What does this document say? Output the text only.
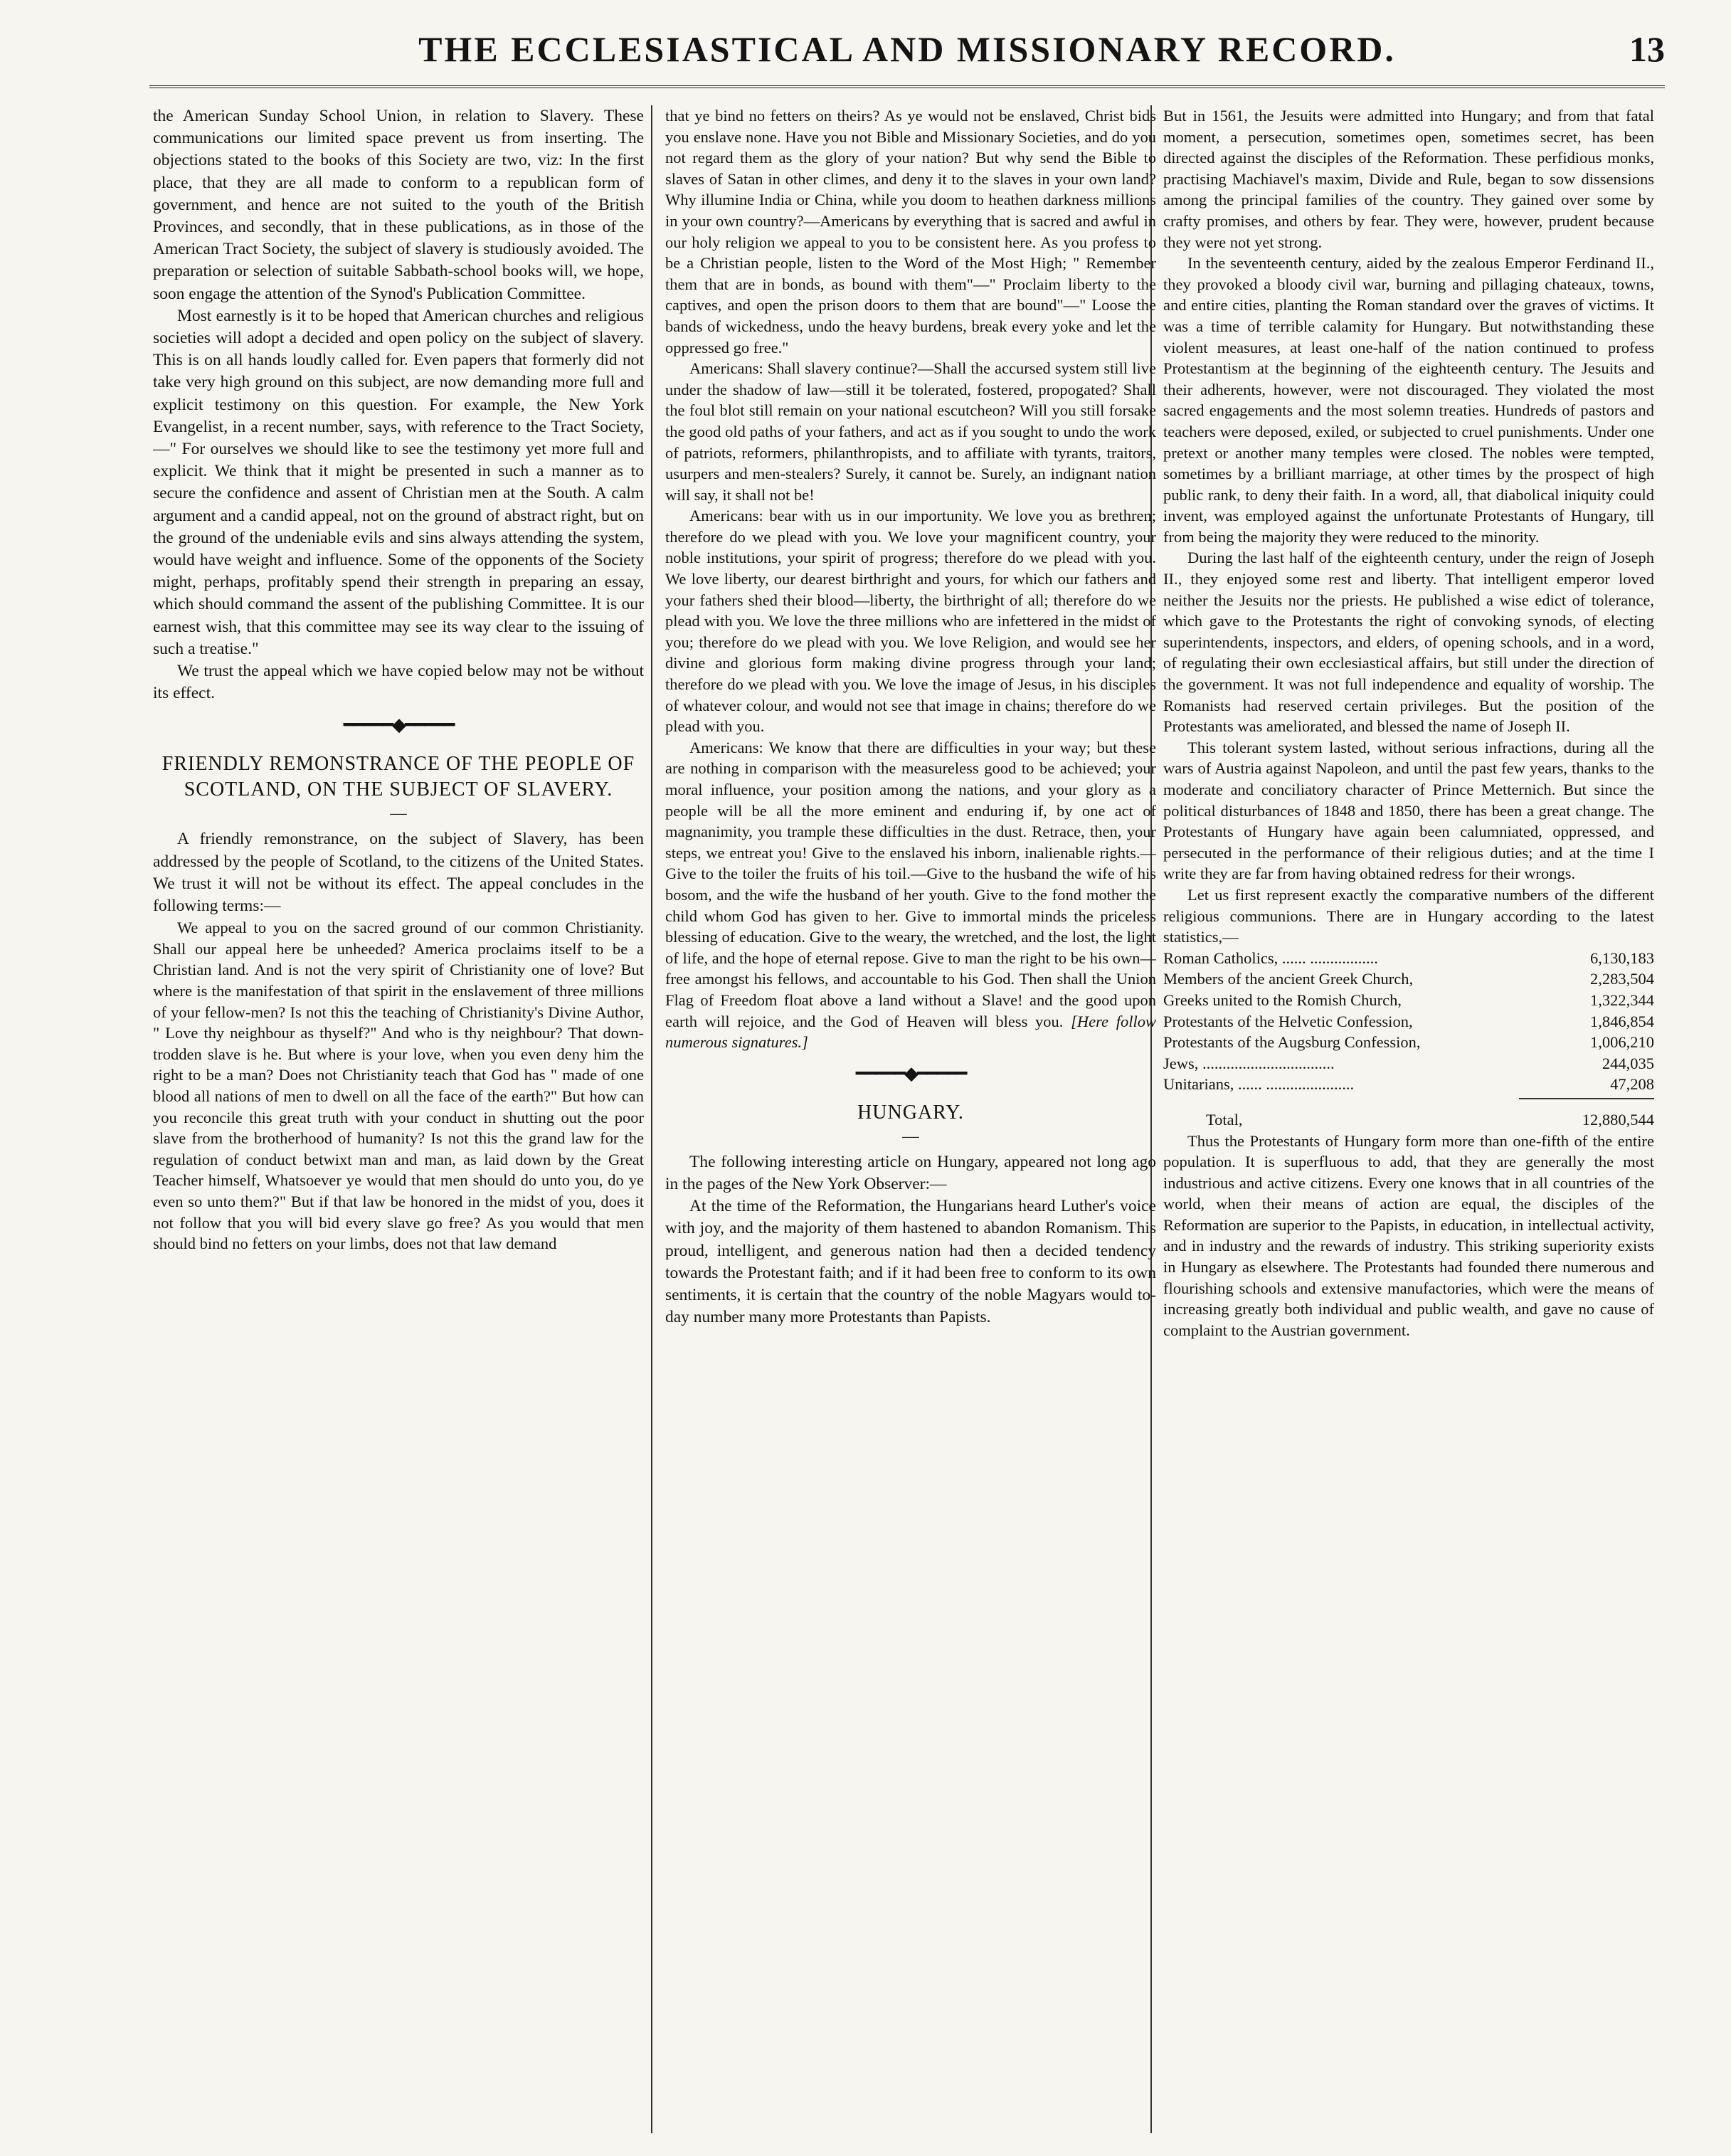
THE ECCLESIASTICAL AND MISSIONARY RECORD.	13

the American Sunday School Union, in relation to Slavery. These communications our limited space prevent us from inserting. The objections stated to the books of this Society are two, viz: In the first place, that they are all made to conform to a republican form of government, and hence are not suited to the youth of the British Provinces, and secondly, that in these publications, as in those of the American Tract Society, the subject of slavery is studiously avoided. The preparation or selection of suitable Sabbath-school books will, we hope, soon engage the attention of the Synod's Publication Committee.

Most earnestly is it to be hoped that American churches and religious societies will adopt a decided and open policy on the subject of slavery. This is on all hands loudly called for. Even papers that formerly did not take very high ground on this subject, are now demanding more full and explicit testimony on this question. For example, the New York Evangelist, in a recent number, says, with reference to the Tract Society,—" For ourselves we should like to see the testimony yet more full and explicit. We think that it might be presented in such a manner as to secure the confidence and assent of Christian men at the South. A calm argument and a candid appeal, not on the ground of abstract right, but on the ground of the undeniable evils and sins always attending the system, would have weight and influence. Some of the opponents of the Society might, perhaps, profitably spend their strength in preparing an essay, which should command the assent of the publishing Committee. It is our earnest wish, that this committee may see its way clear to the issuing of such a treatise."

We trust the appeal which we have copied below may not be without its effect.

━━━━━◆━━━━━
FRIENDLY REMONSTRANCE OF THE PEOPLE OF SCOTLAND, ON THE SUBJECT OF SLAVERY.
—

A friendly remonstrance, on the subject of Slavery, has been addressed by the people of Scotland, to the citizens of the United States. We trust it will not be without its effect. The appeal concludes in the following terms:—

We appeal to you on the sacred ground of our common Christianity. Shall our appeal here be unheeded? America proclaims itself to be a Christian land. And is not the very spirit of Christianity one of love? But where is the manifestation of that spirit in the enslavement of three millions of your fellow-men? Is not this the teaching of Christianity's Divine Author, " Love thy neighbour as thyself?" And who is thy neighbour? That down-trodden slave is he. But where is your love, when you even deny him the right to be a man? Does not Christianity teach that God has " made of one blood all nations of men to dwell on all the face of the earth?" But how can you reconcile this great truth with your conduct in shutting out the poor slave from the brotherhood of humanity? Is not this the grand law for the regulation of conduct betwixt man and man, as laid down by the Great Teacher himself, Whatsoever ye would that men should do unto you, do ye even so unto them?" But if that law be honored in the midst of you, does it not follow that you will bid every slave go free? As you would that men should bind no fetters on your limbs, does not that law demand

that ye bind no fetters on theirs? As ye would not be enslaved, Christ bids you enslave none. Have you not Bible and Missionary Societies, and do you not regard them as the glory of your nation? But why send the Bible to slaves of Satan in other climes, and deny it to the slaves in your own land? Why illumine India or China, while you doom to heathen darkness millions in your own country?—Americans by everything that is sacred and awful in our holy religion we appeal to you to be consistent here. As you profess to be a Christian people, listen to the Word of the Most High; " Remember them that are in bonds, as bound with them"—" Proclaim liberty to the captives, and open the prison doors to them that are bound"—" Loose the bands of wickedness, undo the heavy burdens, break every yoke and let the oppressed go free."

Americans: Shall slavery continue?—Shall the accursed system still live under the shadow of law—still it be tolerated, fostered, propogated? Shall the foul blot still remain on your national escutcheon? Will you still forsake the good old paths of your fathers, and act as if you sought to undo the work of patriots, reformers, philanthropists, and to affiliate with tyrants, traitors, usurpers and men-stealers? Surely, it cannot be. Surely, an indignant nation will say, it shall not be!

Americans: bear with us in our importunity. We love you as brethren; therefore do we plead with you. We love your magnificent country, your noble institutions, your spirit of progress; therefore do we plead with you. We love liberty, our dearest birthright and yours, for which our fathers and your fathers shed their blood—liberty, the birthright of all; therefore do we plead with you. We love the three millions who are infettered in the midst of you; therefore do we plead with you. We love Religion, and would see her divine and glorious form making divine progress through your land; therefore do we plead with you. We love the image of Jesus, in his disciples of whatever colour, and would not see that image in chains; therefore do we plead with you.

Americans: We know that there are difficulties in your way; but these are nothing in comparison with the measureless good to be achieved; your moral influence, your position among the nations, and your glory as a people will be all the more eminent and enduring if, by one act of magnanimity, you trample these difficulties in the dust. Retrace, then, your steps, we entreat you! Give to the enslaved his inborn, inalienable rights.—Give to the toiler the fruits of his toil.—Give to the husband the wife of his bosom, and the wife the husband of her youth. Give to the fond mother the child whom God has given to her. Give to immortal minds the priceless blessing of education. Give to the weary, the wretched, and the lost, the light of life, and the hope of eternal repose. Give to man the right to be his own—free amongst his fellows, and accountable to his God. Then shall the Union Flag of Freedom float above a land without a Slave! and the good upon earth will rejoice, and the God of Heaven will bless you. [Here follow numerous signatures.]

━━━━━◆━━━━━
HUNGARY.
—

The following interesting article on Hungary, appeared not long ago in the pages of the New York Observer:—

At the time of the Reformation, the Hungarians heard Luther's voice with joy, and the majority of them hastened to abandon Romanism. This proud, intelligent, and generous nation had then a decided tendency towards the Protestant faith; and if it had been free to conform to its own sentiments, it is certain that the country of the noble Magyars would to-day number many more Protestants than Papists.

But in 1561, the Jesuits were admitted into Hungary; and from that fatal moment, a persecution, sometimes open, sometimes secret, has been directed against the disciples of the Reformation. These perfidious monks, practising Machiavel's maxim, Divide and Rule, began to sow dissensions among the principal families of the country. They gained over some by crafty promises, and others by fear. They were, however, prudent because they were not yet strong.

In the seventeenth century, aided by the zealous Emperor Ferdinand II., they provoked a bloody civil war, burning and pillaging chateaux, towns, and entire cities, planting the Roman standard over the graves of victims. It was a time of terrible calamity for Hungary. But notwithstanding these violent measures, at least one-half of the nation continued to profess Protestantism at the beginning of the eighteenth century. The Jesuits and their adherents, however, were not discouraged. They violated the most sacred engagements and the most solemn treaties. Hundreds of pastors and teachers were deposed, exiled, or subjected to cruel punishments. Under one pretext or another many temples were closed. The nobles were tempted, sometimes by a brilliant marriage, at other times by the prospect of high public rank, to deny their faith. In a word, all, that diabolical iniquity could invent, was employed against the unfortunate Protestants of Hungary, till from being the majority they were reduced to the minority.

During the last half of the eighteenth century, under the reign of Joseph II., they enjoyed some rest and liberty. That intelligent emperor loved neither the Jesuits nor the priests. He published a wise edict of tolerance, which gave to the Protestants the right of convoking synods, of electing superintendents, inspectors, and elders, of opening schools, and in a word, of regulating their own ecclesiastical affairs, but still under the direction of the government. It was not full independence and equality of worship. The Romanists had reserved certain privileges. But the position of the Protestants was ameliorated, and blessed the name of Joseph II.

This tolerant system lasted, without serious infractions, during all the wars of Austria against Napoleon, and until the past few years, thanks to the moderate and conciliatory character of Prince Metternich. But since the political disturbances of 1848 and 1850, there has been a great change. The Protestants of Hungary have again been calumniated, oppressed, and persecuted in the performance of their religious duties; and at the time I write they are far from having obtained redress for their wrongs.

Let us first represent exactly the comparative numbers of the different religious communions. There are in Hungary according to the latest statistics,—

Roman Catholics, ...... .................	6,130,183
Members of the ancient Greek Church,	2,283,504
Greeks united to the Romish Church,	1,322,344
Protestants of the Helvetic Confession,	1,846,854
Protestants of the Augsburg Confession,	1,006,210
Jews, .................................	244,035
Unitarians, ...... ......................	47,208
Total,	12,880,544

Thus the Protestants of Hungary form more than one-fifth of the entire population. It is superfluous to add, that they are generally the most industrious and active citizens. Every one knows that in all countries of the world, when their means of action are equal, the disciples of the Reformation are superior to the Papists, in education, in intellectual activity, and in industry and the rewards of industry. This striking superiority exists in Hungary as elsewhere. The Protestants had founded there numerous and flourishing schools and extensive manufactories, which were the means of increasing greatly both individual and public wealth, and gave no cause of complaint to the Austrian government.
